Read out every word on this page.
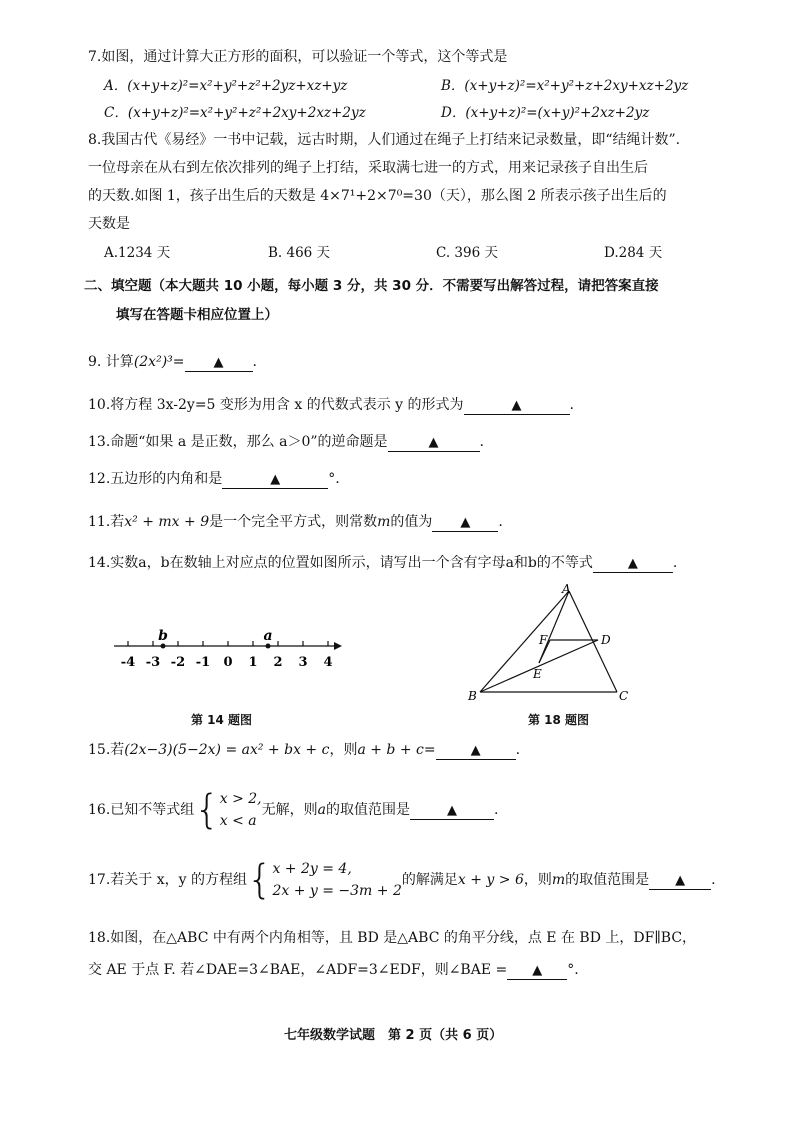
7.如图，通过计算大正方形的面积，可以验证一个等式，这个等式是
A．(x+y+z)²=x²+y²+z²+2yz+xz+yz	B．(x+y+z)²=x²+y²+z+2xy+xz+2yz
C．(x+y+z)²=x²+y²+z²+2xy+2xz+2yz	D．(x+y+z)²=(x+y)²+2xz+2yz
8.我国古代《易经》一书中记载，远古时期，人们通过在绳子上打结来记录数量，即“结绳计数”.
一位母亲在从右到左依次排列的绳子上打结，采取满七进一的方式，用来记录孩子自出生后
的天数.如图 1，孩子出生后的天数是 4×7¹+2×7⁰=30（天），那么图 2 所表示孩子出生后的
天数是
A.1234 天	B. 466 天	C. 396 天	D.284 天
二、填空题（本大题共 10 小题，每小题 3 分，共 30 分．不需要写出解答过程，请把答案直接
填写在答题卡相应位置上）
9. 计算(2x²)³= ▲ .
10.将方程 3x-2y=5 变形为用含 x 的代数式表示 y 的形式为	▲	.
13.命题“如果 a 是正数，那么 a＞0”的逆命题是	▲	.
12.五边形的内角和是	▲	°.
11.若x² + mx + 9是一个完全平方式，则常数m的值为 ▲ .
14.实数a，b在数轴上对应点的位置如图所示，请写出一个含有字母a和b的不等式	▲	.
-4 -3 -2 -1 0 1 2 3 4
b	a
第 14 题图
A
F	D
E
B	C
第 18 题图
15.若(2x−3)(5−2x) = ax² + bx + c，则a + b + c=	▲	.
16.已知不等式组{x > 2,
x < a无解，则a的取值范围是	▲	.
17.若关于 x，y 的方程组{x + 2y = 4,
2x + y = −3m + 2的解满足x + y > 6，则m的取值范围是 ▲ .
18.如图，在△ABC 中有两个内角相等，且 BD 是△ABC 的角平分线，点 E 在 BD 上，DF∥BC，
交 AE 于点 F. 若∠DAE=3∠BAE，∠ADF=3∠EDF，则∠BAE = ▲ °.
七年级数学试题　第 2 页（共 6 页）
